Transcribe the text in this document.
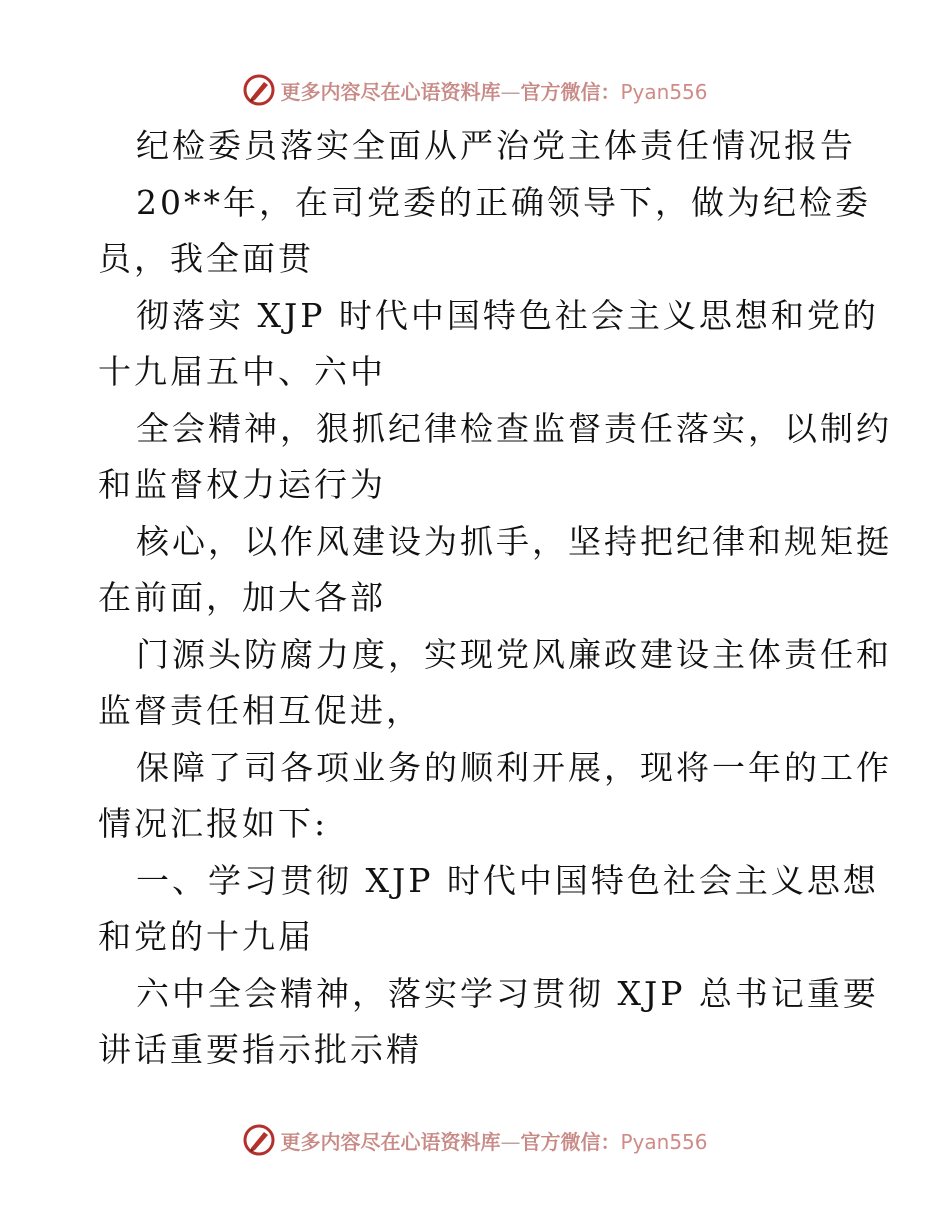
更多内容尽在心语资料库—官方微信：Pyan556
纪检委员落实全面从严治党主体责任情况报告
20**年，在司党委的正确领导下，做为纪检委
员，我全面贯
彻落实 XJP 时代中国特色社会主义思想和党的
十九届五中、六中
全会精神，狠抓纪律检查监督责任落实，以制约
和监督权力运行为
核心，以作风建设为抓手，坚持把纪律和规矩挺
在前面，加大各部
门源头防腐力度，实现党风廉政建设主体责任和
监督责任相互促进，
保障了司各项业务的顺利开展，现将一年的工作
情况汇报如下:
一、学习贯彻 XJP 时代中国特色社会主义思想
和党的十九届
六中全会精神，落实学习贯彻 XJP 总书记重要
讲话重要指示批示精
更多内容尽在心语资料库—官方微信：Pyan556
